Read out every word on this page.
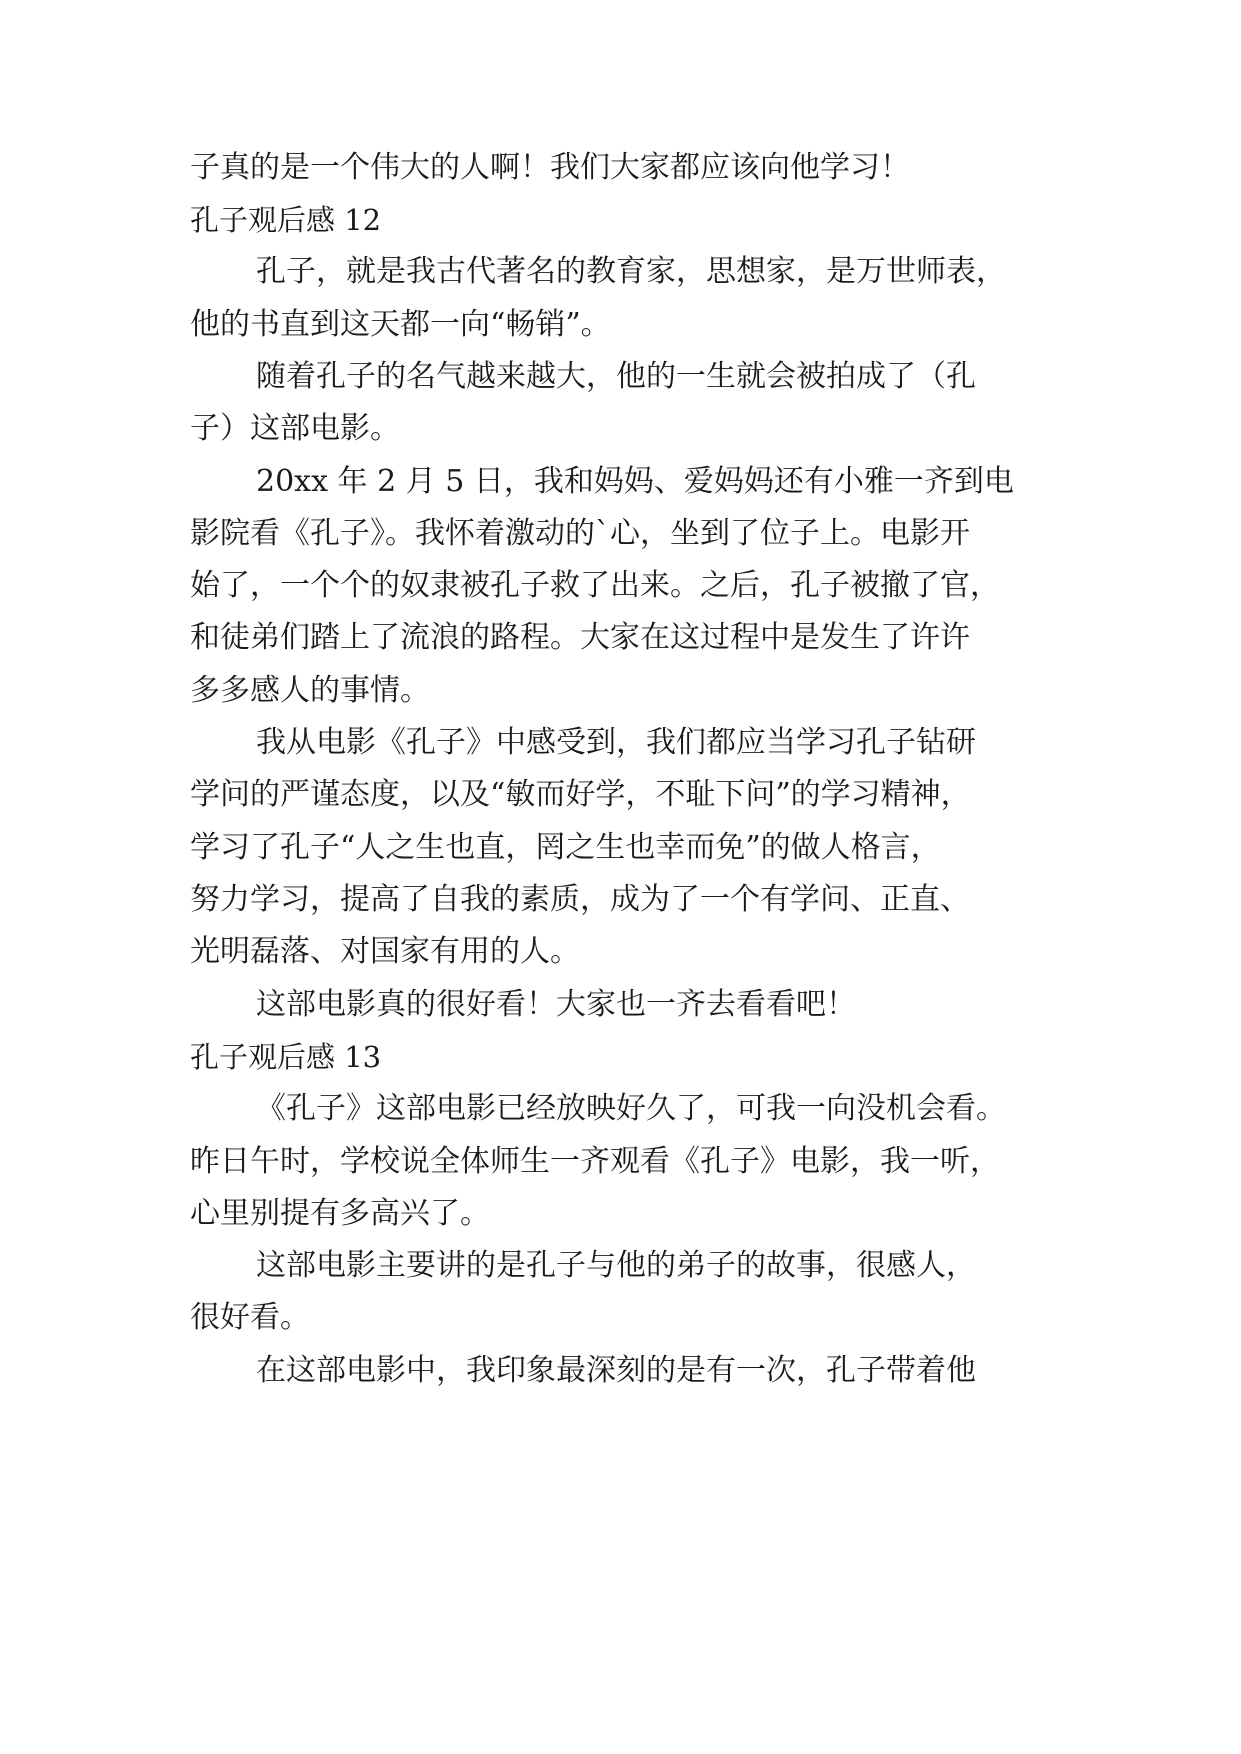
子真的是一个伟大的人啊！我们大家都应该向他学习！
孔子观后感 12
孔子，就是我古代著名的教育家，思想家，是万世师表，
他的书直到这天都一向“畅销”。
随着孔子的名气越来越大，他的一生就会被拍成了（孔
子）这部电影。
20xx 年 2 月 5 日，我和妈妈、爱妈妈还有小雅一齐到电
影院看《孔子》。我怀着激动的`心，坐到了位子上。电影开
始了，一个个的奴隶被孔子救了出来。之后，孔子被撤了官，
和徒弟们踏上了流浪的路程。大家在这过程中是发生了许许
多多感人的事情。
我从电影《孔子》中感受到，我们都应当学习孔子钻研
学问的严谨态度，以及“敏而好学，不耻下问”的学习精神，
学习了孔子“人之生也直，罔之生也幸而免”的做人格言，
努力学习，提高了自我的素质，成为了一个有学问、正直、
光明磊落、对国家有用的人。
这部电影真的很好看！大家也一齐去看看吧！
孔子观后感 13
《孔子》这部电影已经放映好久了，可我一向没机会看。
昨日午时，学校说全体师生一齐观看《孔子》电影，我一听，
心里别提有多高兴了。
这部电影主要讲的是孔子与他的弟子的故事，很感人，
很好看。
在这部电影中，我印象最深刻的是有一次，孔子带着他
